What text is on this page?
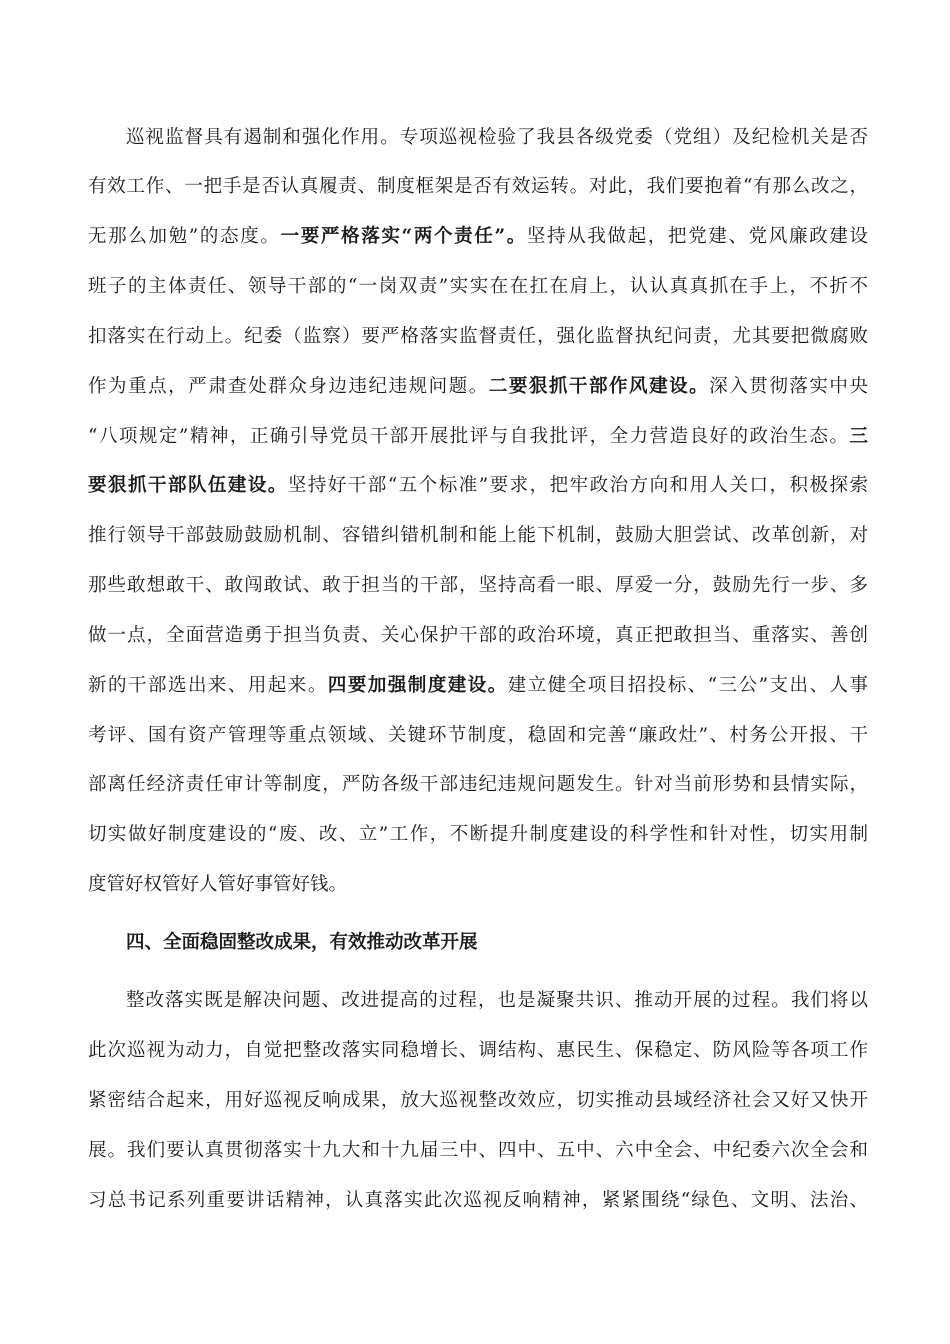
巡视监督具有遏制和强化作用。专项巡视检验了我县各级党委（党组）及纪检机关是否
有效工作、一把手是否认真履责、制度框架是否有效运转。对此，我们要抱着“有那么改之，
无那么加勉”的态度。一要严格落实“两个责任”。坚持从我做起，把党建、党风廉政建设
班子的主体责任、领导干部的“一岗双责”实实在在扛在肩上，认认真真抓在手上，不折不
扣落实在行动上。纪委（监察）要严格落实监督责任，强化监督执纪问责，尤其要把微腐败
作为重点，严肃查处群众身边违纪违规问题。二要狠抓干部作风建设。深入贯彻落实中央
“八项规定”精神，正确引导党员干部开展批评与自我批评，全力营造良好的政治生态。三
要狠抓干部队伍建设。坚持好干部“五个标准”要求，把牢政治方向和用人关口，积极探索
推行领导干部鼓励鼓励机制、容错纠错机制和能上能下机制，鼓励大胆尝试、改革创新，对
那些敢想敢干、敢闯敢试、敢于担当的干部，坚持高看一眼、厚爱一分，鼓励先行一步、多
做一点，全面营造勇于担当负责、关心保护干部的政治环境，真正把敢担当、重落实、善创
新的干部选出来、用起来。四要加强制度建设。建立健全项目招投标、“三公”支出、人事
考评、国有资产管理等重点领域、关键环节制度，稳固和完善“廉政灶”、村务公开报、干
部离任经济责任审计等制度，严防各级干部违纪违规问题发生。针对当前形势和县情实际，
切实做好制度建设的“废、改、立”工作，不断提升制度建设的科学性和针对性，切实用制
度管好权管好人管好事管好钱。
四、全面稳固整改成果，有效推动改革开展
整改落实既是解决问题、改进提高的过程，也是凝聚共识、推动开展的过程。我们将以
此次巡视为动力，自觉把整改落实同稳增长、调结构、惠民生、保稳定、防风险等各项工作
紧密结合起来，用好巡视反响成果，放大巡视整改效应，切实推动县域经济社会又好又快开
展。我们要认真贯彻落实十九大和十九届三中、四中、五中、六中全会、中纪委六次全会和
习总书记系列重要讲话精神，认真落实此次巡视反响精神，紧紧围绕“绿色、文明、法治、
